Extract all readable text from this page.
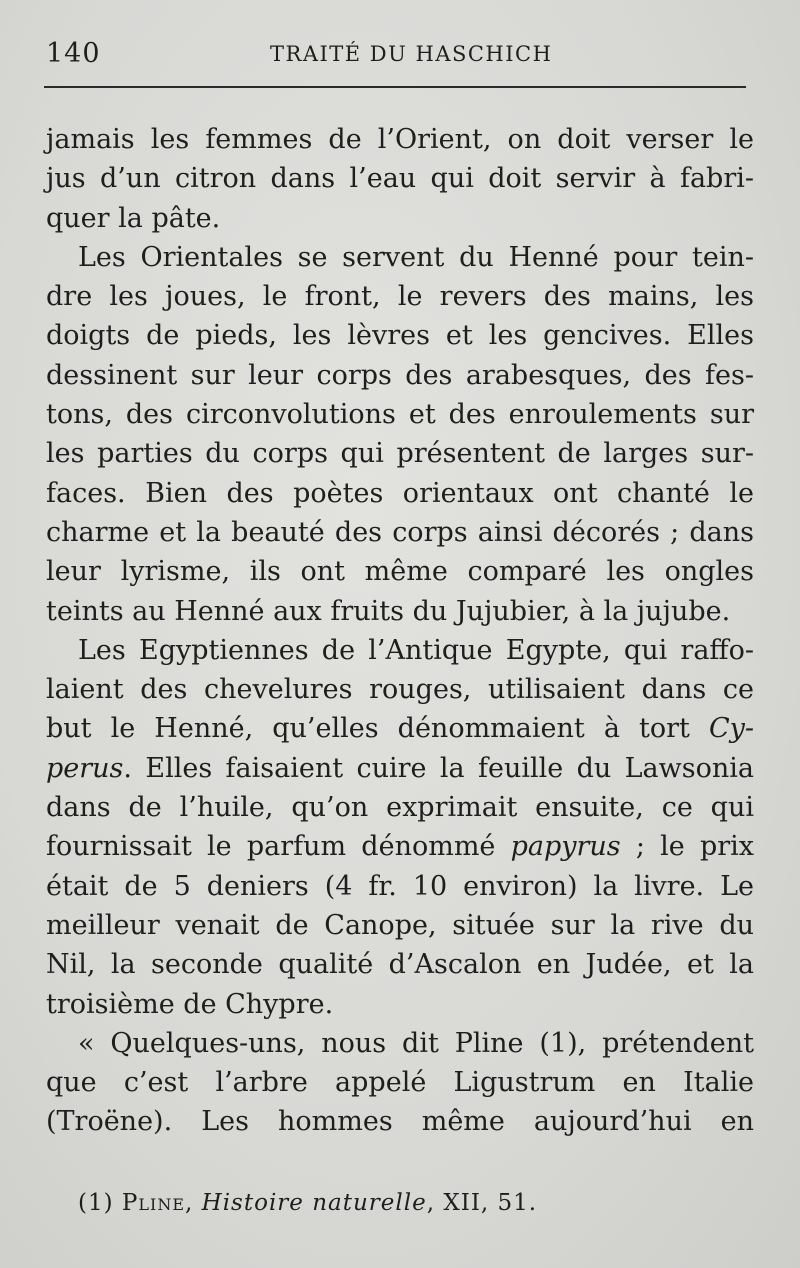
140	TRAITÉ DU HASCHICH
jamais les femmes de l’Orient, on doit verser le
jus d’un citron dans l’eau qui doit servir à fabri-
quer la pâte.
Les Orientales se servent du Henné pour tein-
dre les joues, le front, le revers des mains, les
doigts de pieds, les lèvres et les gencives. Elles
dessinent sur leur corps des arabesques, des fes-
tons, des circonvolutions et des enroulements sur
les parties du corps qui présentent de larges sur-
faces. Bien des poètes orientaux ont chanté le
charme et la beauté des corps ainsi décorés ; dans
leur lyrisme, ils ont même comparé les ongles
teints au Henné aux fruits du Jujubier, à la jujube.
Les Egyptiennes de l’Antique Egypte, qui raffo-
laient des chevelures rouges, utilisaient dans ce
but le Henné, qu’elles dénommaient à tort Cy-
perus. Elles faisaient cuire la feuille du Lawsonia
dans de l’huile, qu’on exprimait ensuite, ce qui
fournissait le parfum dénommé papyrus ; le prix
était de 5 deniers (4 fr. 10 environ) la livre. Le
meilleur venait de Canope, située sur la rive du
Nil, la seconde qualité d’Ascalon en Judée, et la
troisième de Chypre.
« Quelques-uns, nous dit Pline (1), prétendent
que c’est l’arbre appelé Ligustrum en Italie
(Troëne). Les hommes même aujourd’hui en
(1) Pline, Histoire naturelle, XII, 51.
